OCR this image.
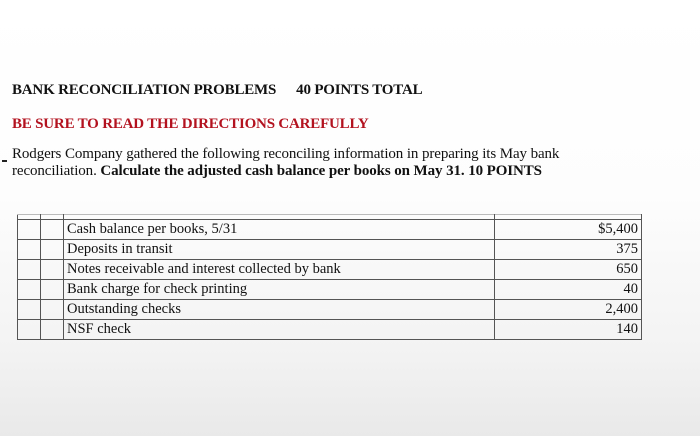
BANK RECONCILIATION PROBLEMS 40 POINTS TOTAL
BE SURE TO READ THE DIRECTIONS CAREFULLY
Rodgers Company gathered the following reconciling information in preparing its May bank reconciliation. Calculate the adjusted cash balance per books on May 31. 10 POINTS

		Cash balance per books, 5/31	$5,400
		Deposits in transit	375
		Notes receivable and interest collected by bank	650
		Bank charge for check printing	40
		Outstanding checks	2,400
		NSF check	140
